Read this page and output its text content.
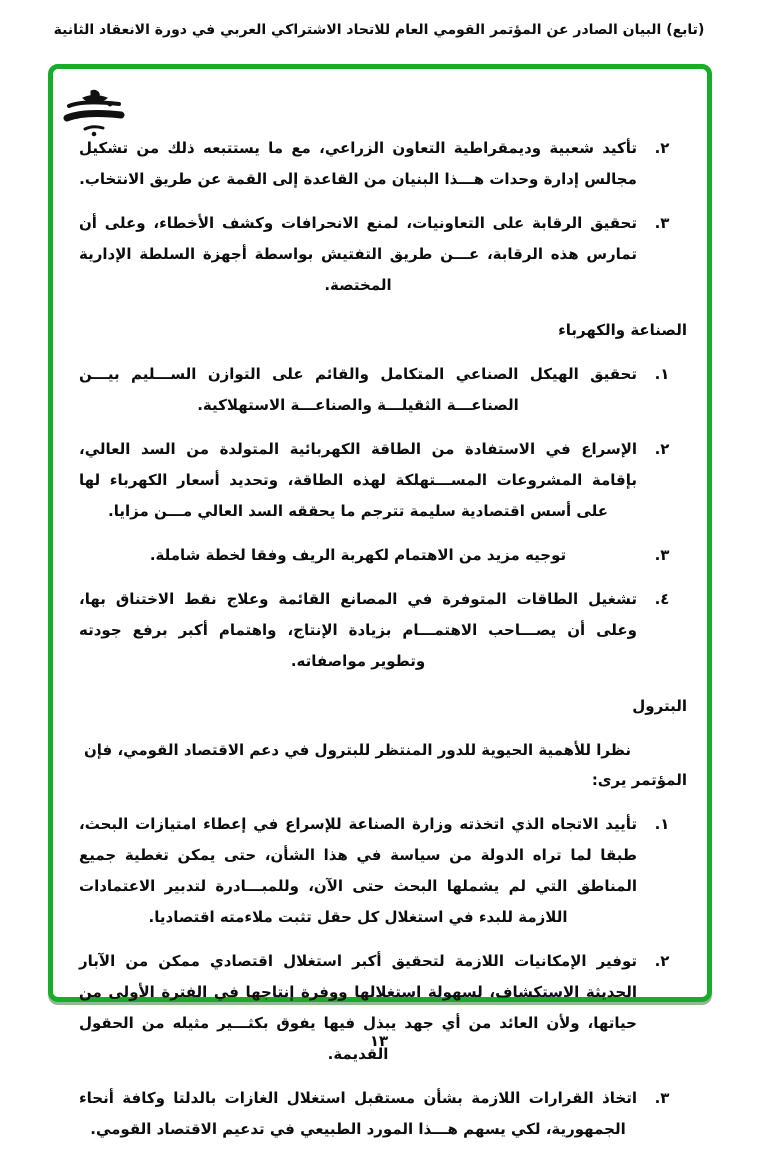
(تابع) البيان الصادر عن المؤتمر القومي العام للاتحاد الاشتراكي العربي في دورة الانعقاد الثانية
٢.
تأكيد شعبية وديمقراطية التعاون الزراعي، مع ما يستتبعه ذلك من تشكيل مجالس إدارة وحدات هـــذا البنيان من القاعدة إلى القمة عن طريق الانتخاب.
٣.
تحقيق الرقابة على التعاونيات، لمنع الانحرافات وكشف الأخطاء، وعلى أن تمارس هذه الرقابة، عـــن طريق التفتيش بواسطة أجهزة السلطة الإدارية المختصة.
الصناعة والكهرباء
١.
تحقيق الهيكل الصناعي المتكامل والقائم على التوازن الســـليم بيـــن الصناعـــة الثقيلـــة والصناعـــة الاستهلاكية.
٢.
الإسراع في الاستفادة من الطاقة الكهربائية المتولدة من السد العالي، بإقامة المشروعات المســـتهلكة لهذه الطاقة، وتحديد أسعار الكهرباء لها على أسس اقتصادية سليمة تترجم ما يحققه السد العالي مـــن مزايا.
٣.
توجيه مزيد من الاهتمام لكهربة الريف وفقا لخطة شاملة.
٤.
تشغيل الطاقات المتوفرة في المصانع القائمة وعلاج نقط الاختناق بها، وعلى أن يصـــاحب الاهتمـــام بزيادة الإنتاج، واهتمام أكبر برفع جودته وتطوير مواصفاته.
البترول
نظرا للأهمية الحيوية للدور المنتظر للبترول في دعم الاقتصاد القومي، فإن المؤتمر يرى:
١.
تأييد الاتجاه الذي اتخذته وزارة الصناعة للإسراع في إعطاء امتيازات البحث، طبقا لما تراه الدولة من سياسة في هذا الشأن، حتى يمكن تغطية جميع المناطق التي لم يشملها البحث حتى الآن، وللمبـــادرة لتدبير الاعتمادات اللازمة للبدء في استغلال كل حقل تثبت ملاءمته اقتصاديا.
٢.
توفير الإمكانيات اللازمة لتحقيق أكبر استغلال اقتصادي ممكن من الآبار الحديثة الاستكشاف، لسهولة استغلالها ووفرة إنتاجها في الفترة الأولى من حياتها، ولأن العائد من أي جهد يبذل فيها يفوق بكثـــير مثيله من الحقول القديمة.
٣.
اتخاذ القرارات اللازمة بشأن مستقبل استغلال الغازات بالدلتا وكافة أنحاء الجمهورية، لكي يسهم هـــذا المورد الطبيعي في تدعيم الاقتصاد القومي.
١٣
